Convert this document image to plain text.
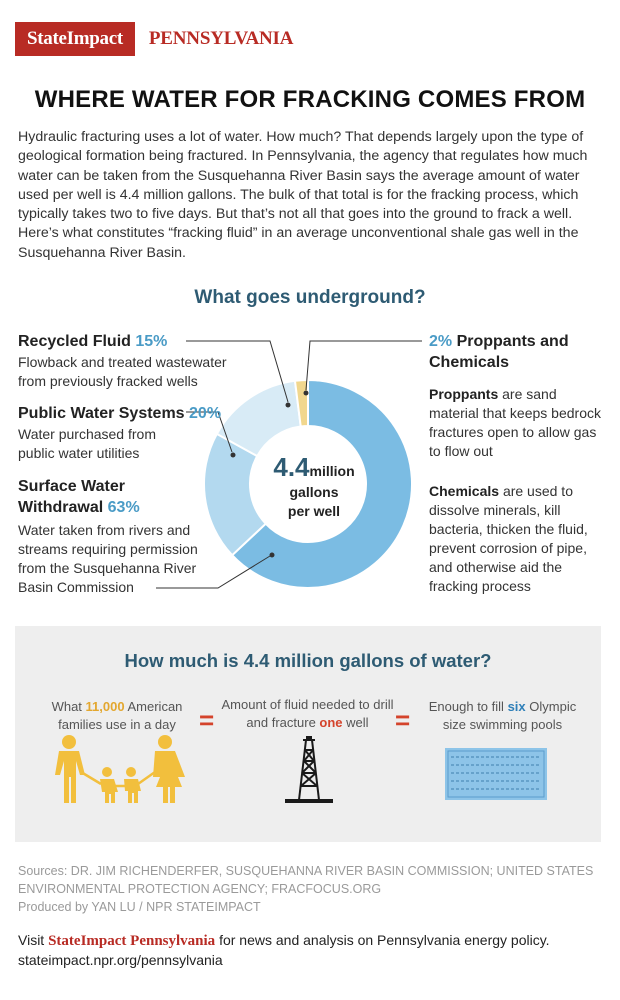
StateImpact	PENNSYLVANIA
WHERE WATER FOR FRACKING COMES FROM

Hydraulic fracturing uses a lot of water. How much? That depends largely upon the type of geological formation being fractured. In Pennsylvania, the agency that regulates how much water can be taken from the Susquehanna River Basin says the average amount of water used per well is 4.4 million gallons. The bulk of that total is for the fracking process, which typically takes two to five days. But that’s not all that goes into the ground to frack a well. Here’s what constitutes “fracking fluid” in an average unconventional shale gas well in the Susquehanna River Basin.

What goes underground?
4.4million
gallons
per well
Recycled Fluid 15%
Flowback and treated wastewater from previously fracked wells
Public Water Systems 20%
Water purchased from public water utilities
Surface Water Withdrawal 63%
Water taken from rivers and streams requiring permission from the Susquehanna River Basin Commission
2% Proppants and Chemicals
Proppants are sand material that keeps bedrock fractures open to allow gas to flow out
Chemicals are used to dissolve minerals, kill bacteria, thicken the fluid, prevent corrosion of pipe, and otherwise aid the fracking process
How much is 4.4 million gallons of water?
What 11,000 American families use in a day =
Amount of fluid needed to drill and fracture one well	=	Enough to fill six Olympic size swimming pools
Sources: DR. JIM RICHENDERFER, SUSQUEHANNA RIVER BASIN COMMISSION; UNITED STATES ENVIRONMENTAL PROTECTION AGENCY; FRACFOCUS.ORG
Produced by YAN LU / NPR STATEIMPACT
Visit StateImpact Pennsylvania for news and analysis on Pennsylvania energy policy.
stateimpact.npr.org/pennsylvania
